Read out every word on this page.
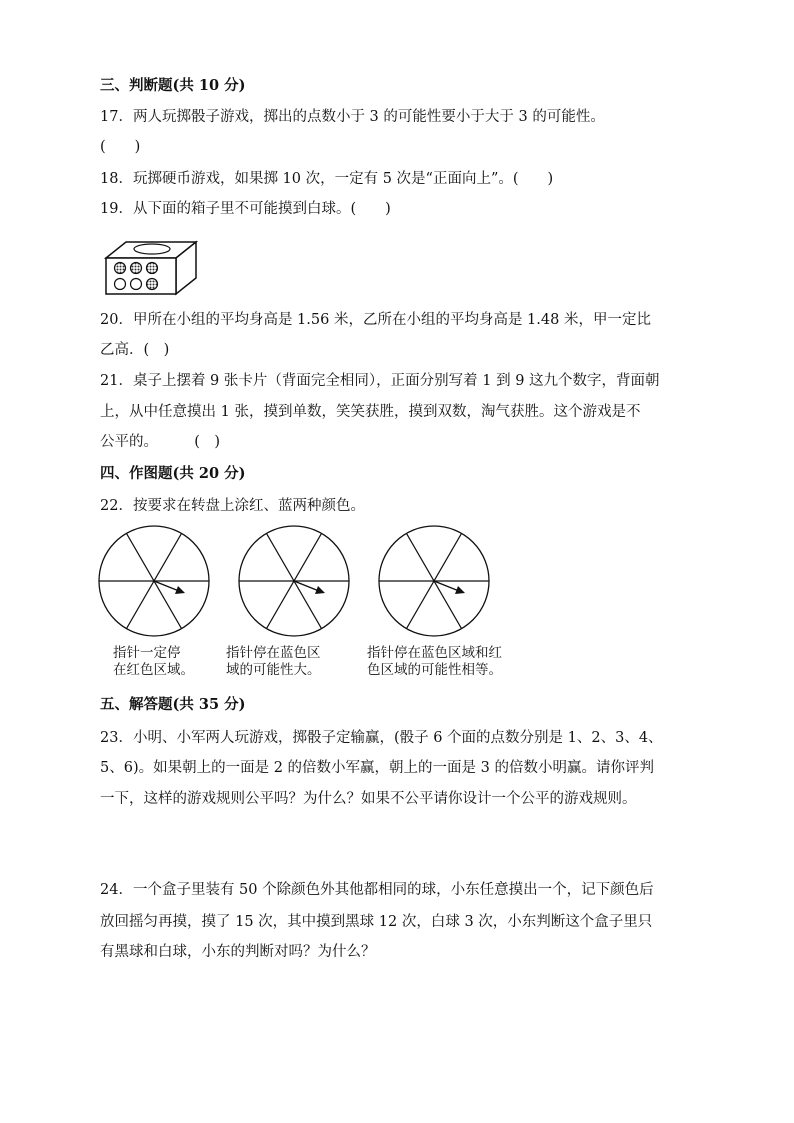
三、判断题(共 10 分)
17．两人玩掷骰子游戏，掷出的点数小于 3 的可能性要小于大于 3 的可能性。
(　　)
18．玩掷硬币游戏，如果掷 10 次，一定有 5 次是“正面向上”。(　　)
19．从下面的箱子里不可能摸到白球。(　　)
20．甲所在小组的平均身高是 1.56 米，乙所在小组的平均身高是 1.48 米，甲一定比
乙高．(　)
21．桌子上摆着 9 张卡片（背面完全相同），正面分别写着 1 到 9 这九个数字，背面朝
上，从中任意摸出 1 张，摸到单数，笑笑获胜，摸到双数，淘气获胜。这个游戏是不
公平的。　　　(　)
四、作图题(共 20 分)
22．按要求在转盘上涂红、蓝两种颜色。
指针一定停
在红色区域。
指针停在蓝色区
域的可能性大。
指针停在蓝色区域和红
色区域的可能性相等。
五、解答题(共 35 分)
23．小明、小军两人玩游戏，掷骰子定输赢，(骰子 6 个面的点数分别是 1、2、3、4、
5、6)。如果朝上的一面是 2 的倍数小军赢，朝上的一面是 3 的倍数小明赢。请你评判
一下，这样的游戏规则公平吗？为什么？如果不公平请你设计一个公平的游戏规则。
24．一个盒子里装有 50 个除颜色外其他都相同的球，小东任意摸出一个，记下颜色后
放回摇匀再摸，摸了 15 次，其中摸到黑球 12 次，白球 3 次，小东判断这个盒子里只
有黑球和白球，小东的判断对吗？为什么？
